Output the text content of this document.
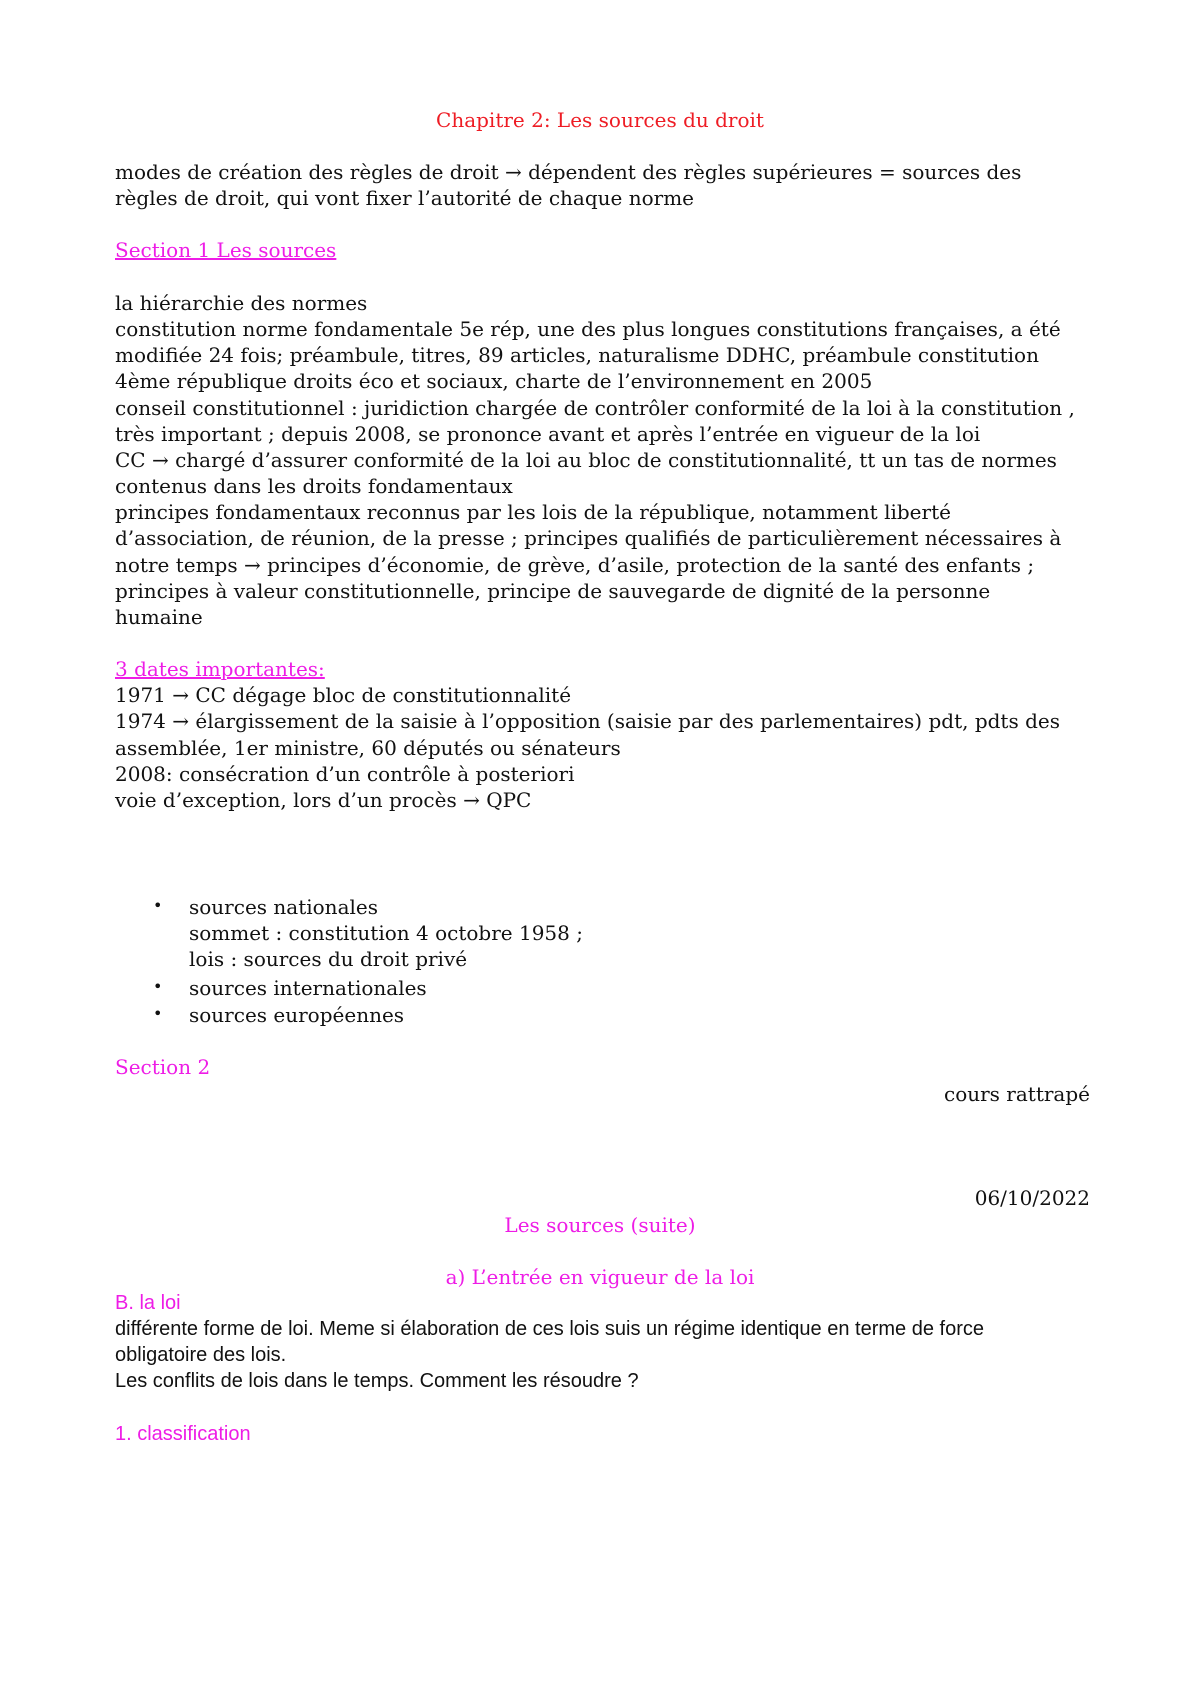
Chapitre 2: Les sources du droit
modes de création des règles de droit → dépendent des règles supérieures = sources des
règles de droit, qui vont fixer l’autorité de chaque norme
Section 1 Les sources
la hiérarchie des normes
constitution norme fondamentale 5e rép, une des plus longues constitutions françaises, a été
modifiée 24 fois; préambule, titres, 89 articles, naturalisme DDHC, préambule constitution
4ème république droits éco et sociaux, charte de l’environnement en 2005
conseil constitutionnel : juridiction chargée de contrôler conformité de la loi à la constitution ,
très important ; depuis 2008, se prononce avant et après l’entrée en vigueur de la loi
CC → chargé d’assurer conformité de la loi au bloc de constitutionnalité, tt un tas de normes
contenus dans les droits fondamentaux
principes fondamentaux reconnus par les lois de la république, notamment liberté
d’association, de réunion, de la presse ; principes qualifiés de particulièrement nécessaires à
notre temps → principes d’économie, de grève, d’asile, protection de la santé des enfants ;
principes à valeur constitutionnelle, principe de sauvegarde de dignité de la personne
humaine
3 dates importantes:
1971 → CC dégage bloc de constitutionnalité
1974 → élargissement de la saisie à l’opposition (saisie par des parlementaires) pdt, pdts des
assemblée, 1er ministre, 60 députés ou sénateurs
2008: consécration d’un contrôle à posteriori
voie d’exception, lors d’un procès → QPC
• sources nationales
sommet : constitution 4 octobre 1958 ;
lois : sources du droit privé
• sources internationales
• sources européennes
Section 2
cours rattrapé
06/10/2022
Les sources (suite)
a) L’entrée en vigueur de la loi
B. la loi
différente forme de loi. Meme si élaboration de ces lois suis un régime identique en terme de force
obligatoire des lois.
Les conflits de lois dans le temps. Comment les résoudre ?
1. classification
